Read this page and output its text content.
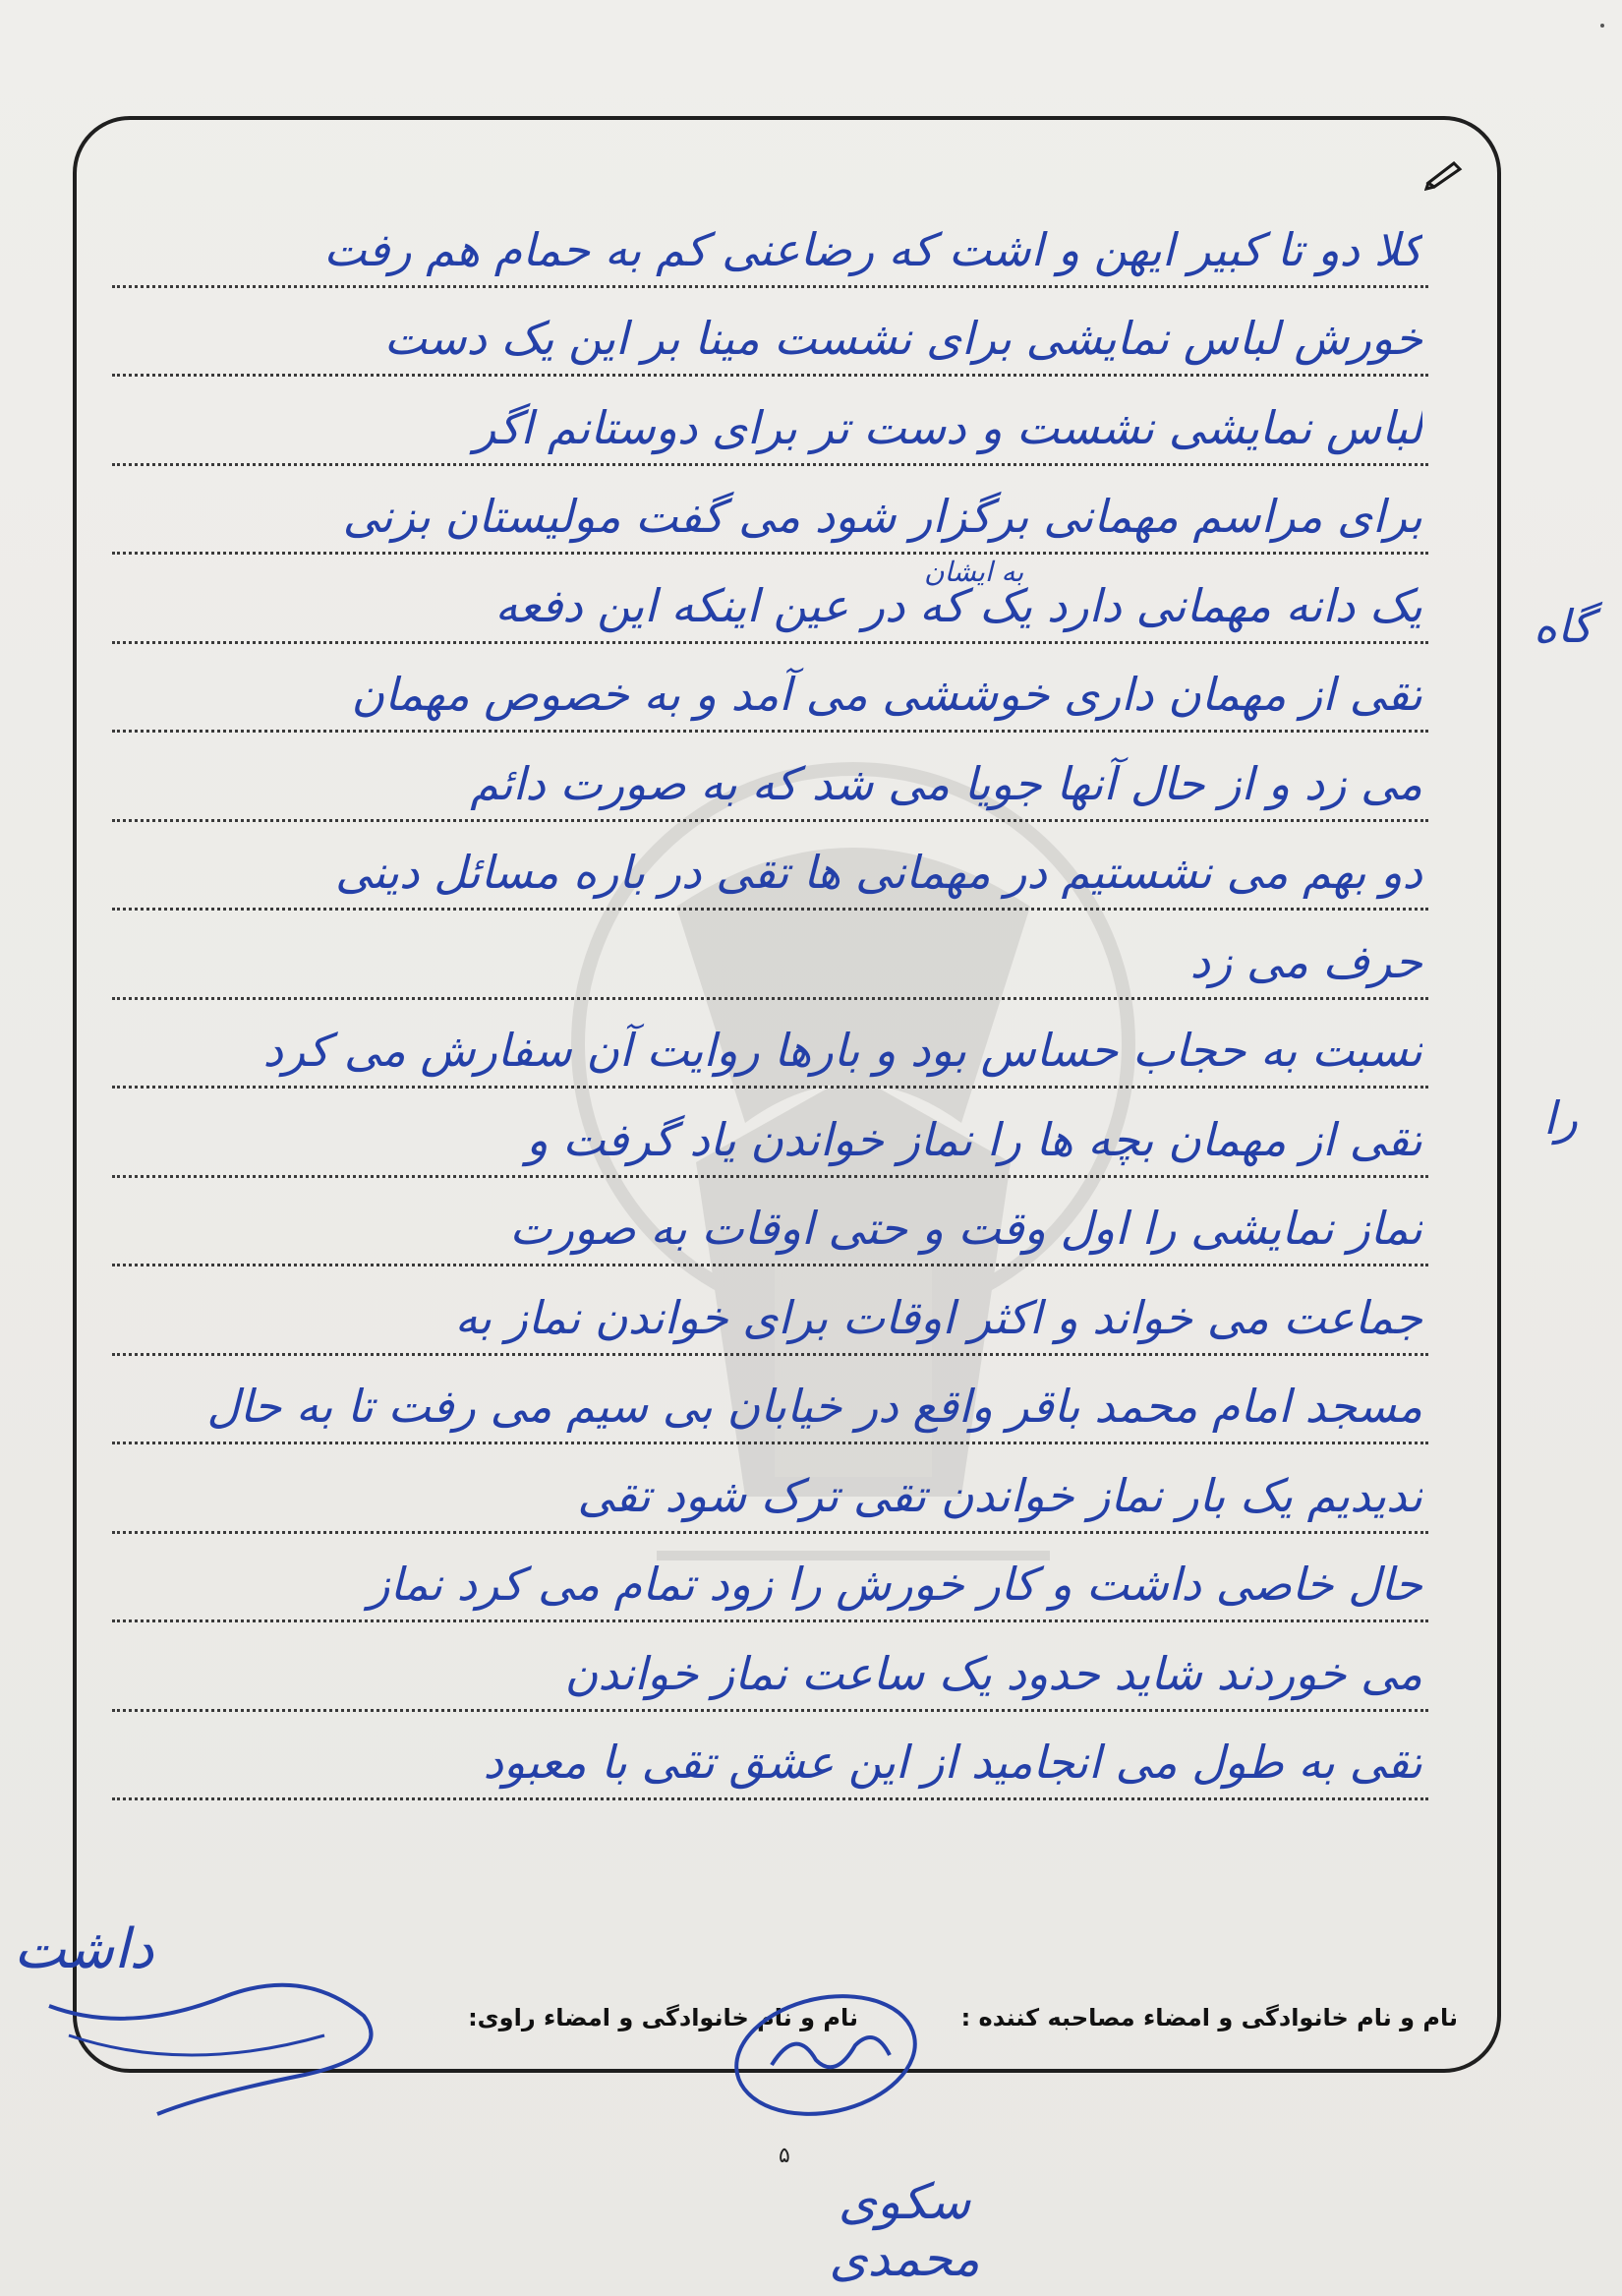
کلا دو تا کبیر ایهن و اشت که رضاعنی کم به حمام هم رفت
خورش لباس نمایشی برای نشست مینا بر این یک دست
لباس نمایشی نشست و دست تر برای دوستانم اگر
برای مراسم مهمانی برگزار شود می گفت مولیستان بزنی
یک دانه مهمانی دارد یک که در عین اینکه این دفعه
تقی از مهمان داری خوششی می آمد و به خصوص مهمان
می زد و از حال آنها جویا می شد که به صورت دائم
دو بهم می نشستیم در مهمانی ها تقی در باره مسائل دینی
حرف می زد
نسبت به حجاب حساس بود و بارها روایت آن سفارش می کرد
تقی از مهمان بچه ها را نماز خواندن یاد گرفت و
نماز نمایشی را اول وقت و حتی اوقات به صورت
جماعت می خواند و اکثر اوقات برای خواندن نماز به
مسجد امام محمد باقر واقع در خیابان بی سیم می رفت تا به حال
ندیدیم یک بار نماز خواندن تقی ترک شود تقی
حال خاصی داشت و کار خورش را زود تمام می کرد نماز
می خوردند شاید حدود یک ساعت نماز خواندن
تقی به طول می انجامید از این عشق تقی با معبود
نام و نام خانوادگی و امضاء مصاحبه کننده :
نام و نام خانوادگی و امضاء راوی:
به ایشان
گاه
را
داشت
۵
سکوی محمدی
